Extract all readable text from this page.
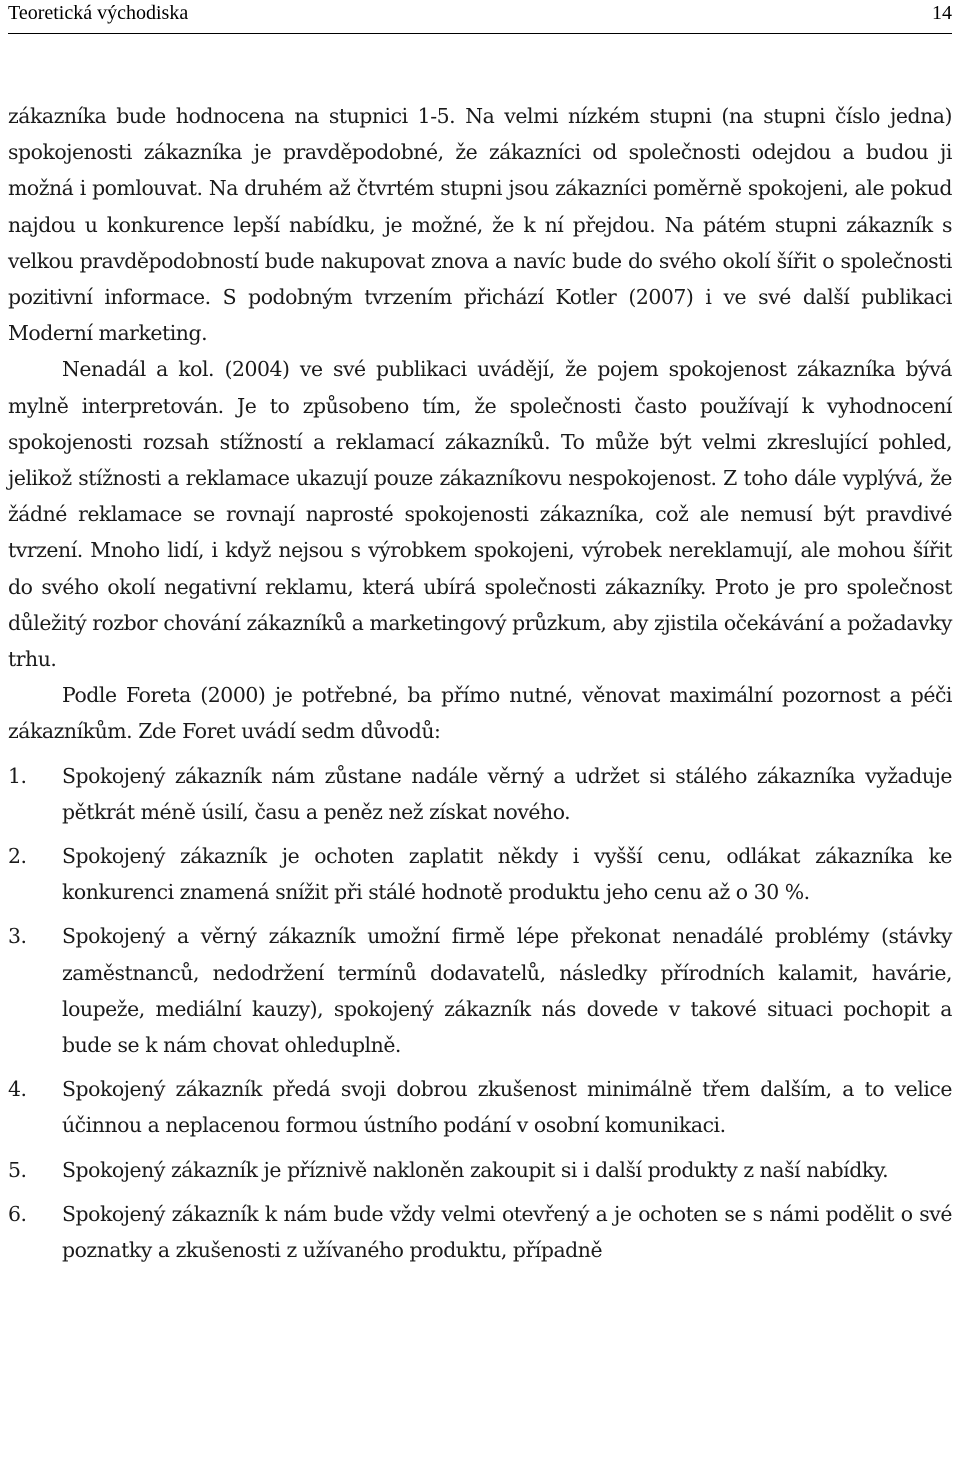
Teoretická východiska	14

zákazníka bude hodnocena na stupnici 1-5. Na velmi nízkém stupni (na stupni číslo jedna) spokojenosti zákazníka je pravděpodobné, že zákazníci od společnosti odejdou a budou ji možná i pomlouvat. Na druhém až čtvrtém stupni jsou zákazníci poměrně spokojeni, ale pokud najdou u konkurence lepší nabídku, je možné, že k ní přejdou. Na pátém stupni zákazník s velkou pravděpodobností bude nakupovat znova a navíc bude do svého okolí šířit o společnosti pozitivní informace. S podobným tvrzením přichází Kotler (2007) i ve své další publikaci Moderní marketing.

Nenadál a kol. (2004) ve své publikaci uvádějí, že pojem spokojenost zákazníka bývá mylně interpretován. Je to způsobeno tím, že společnosti často používají k vyhodnocení spokojenosti rozsah stížností a reklamací zákazníků. To může být velmi zkreslující pohled, jelikož stížnosti a reklamace ukazují pouze zákazníkovu nespokojenost. Z toho dále vyplývá, že žádné reklamace se rovnají naprosté spokojenosti zákazníka, což ale nemusí být pravdivé tvrzení. Mnoho lidí, i když nejsou s výrobkem spokojeni, výrobek nereklamují, ale mohou šířit do svého okolí negativní reklamu, která ubírá společnosti zákazníky. Proto je pro společnost důležitý rozbor chování zákazníků a marketingový průzkum, aby zjistila očekávání a požadavky trhu.

Podle Foreta (2000) je potřebné, ba přímo nutné, věnovat maximální pozornost a péči zákazníkům. Zde Foret uvádí sedm důvodů:

1. Spokojený zákazník nám zůstane nadále věrný a udržet si stálého zákazníka vyžaduje pětkrát méně úsilí, času a peněz než získat nového.
2. Spokojený zákazník je ochoten zaplatit někdy i vyšší cenu, odlákat zákazníka ke konkurenci znamená snížit při stálé hodnotě produktu jeho cenu až o 30 %.
3. Spokojený a věrný zákazník umožní firmě lépe překonat nenadálé problémy (stávky zaměstnanců, nedodržení termínů dodavatelů, následky přírodních kalamit, havárie, loupeže, mediální kauzy), spokojený zákazník nás dovede v takové situaci pochopit a bude se k nám chovat ohleduplně.
4. Spokojený zákazník předá svoji dobrou zkušenost minimálně třem dalším, a to velice účinnou a neplacenou formou ústního podání v osobní komunikaci.
5. Spokojený zákazník je příznivě nakloněn zakoupit si i další produkty z naší nabídky.
6. Spokojený zákazník k nám bude vždy velmi otevřený a je ochoten se s námi podělit o své poznatky a zkušenosti z užívaného produktu, případně
